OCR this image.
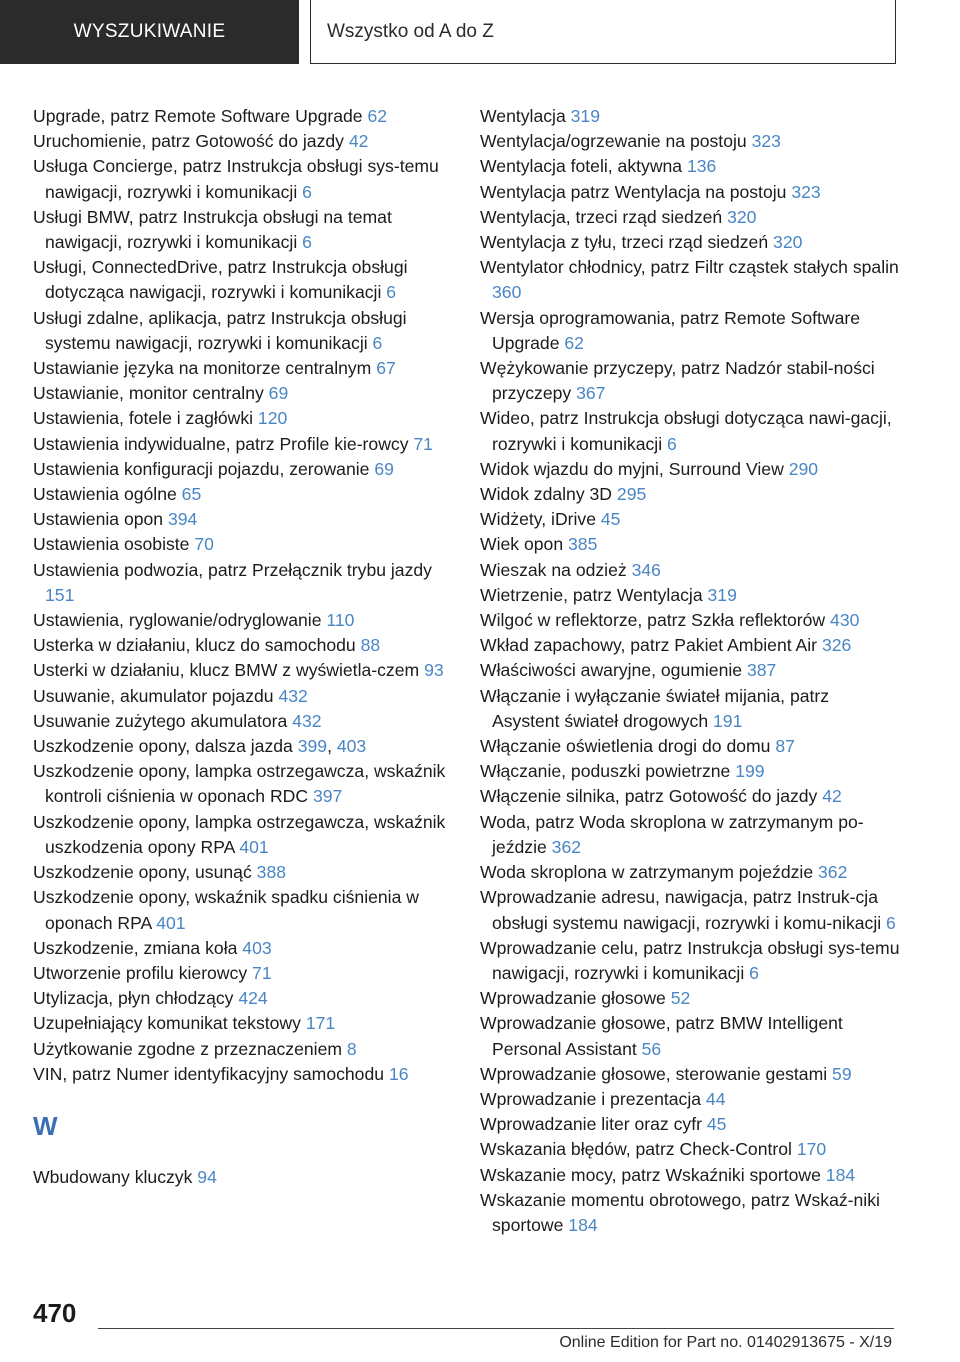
WYSZUKIWANIE	Wszystko od A do Z

Upgrade, patrz Remote Software Upgrade 62

Uruchomienie, patrz Gotowość do jazdy 42

Usługa Concierge, patrz Instrukcja obsługi sys-temu nawigacji, rozrywki i komunikacji 6

Usługi BMW, patrz Instrukcja obsługi na temat nawigacji, rozrywki i komunikacji 6

Usługi, ConnectedDrive, patrz Instrukcja obsługi dotycząca nawigacji, rozrywki i komunikacji 6

Usługi zdalne, aplikacja, patrz Instrukcja obsługi systemu nawigacji, rozrywki i komunikacji 6

Ustawianie języka na monitorze centralnym 67

Ustawianie, monitor centralny 69

Ustawienia, fotele i zagłówki 120

Ustawienia indywidualne, patrz Profile kie-rowcy 71

Ustawienia konfiguracji pojazdu, zerowanie 69

Ustawienia ogólne 65

Ustawienia opon 394

Ustawienia osobiste 70

Ustawienia podwozia, patrz Przełącznik trybu jazdy 151

Ustawienia, ryglowanie/odryglowanie 110

Usterka w działaniu, klucz do samochodu 88

Usterki w działaniu, klucz BMW z wyświetla-czem 93

Usuwanie, akumulator pojazdu 432

Usuwanie zużytego akumulatora 432

Uszkodzenie opony, dalsza jazda 399, 403

Uszkodzenie opony, lampka ostrzegawcza, wskaźnik kontroli ciśnienia w oponach RDC 397

Uszkodzenie opony, lampka ostrzegawcza, wskaźnik uszkodzenia opony RPA 401

Uszkodzenie opony, usunąć 388

Uszkodzenie opony, wskaźnik spadku ciśnienia w oponach RPA 401

Uszkodzenie, zmiana koła 403

Utworzenie profilu kierowcy 71

Utylizacja, płyn chłodzący 424

Uzupełniający komunikat tekstowy 171

Użytkowanie zgodne z przeznaczeniem 8

VIN, patrz Numer identyfikacyjny samochodu 16

W

Wbudowany kluczyk 94

Wentylacja 319

Wentylacja/ogrzewanie na postoju 323

Wentylacja foteli, aktywna 136

Wentylacja patrz Wentylacja na postoju 323

Wentylacja, trzeci rząd siedzeń 320

Wentylacja z tyłu, trzeci rząd siedzeń 320

Wentylator chłodnicy, patrz Filtr cząstek stałych spalin 360

Wersja oprogramowania, patrz Remote Software Upgrade 62

Wężykowanie przyczepy, patrz Nadzór stabil-ności przyczepy 367

Wideo, patrz Instrukcja obsługi dotycząca nawi-gacji, rozrywki i komunikacji 6

Widok wjazdu do myjni, Surround View 290

Widok zdalny 3D 295

Widżety, iDrive 45

Wiek opon 385

Wieszak na odzież 346

Wietrzenie, patrz Wentylacja 319

Wilgoć w reflektorze, patrz Szkła reflektorów 430

Wkład zapachowy, patrz Pakiet Ambient Air 326

Właściwości awaryjne, ogumienie 387

Włączanie i wyłączanie świateł mijania, patrz Asystent świateł drogowych 191

Włączanie oświetlenia drogi do domu 87

Włączanie, poduszki powietrzne 199

Włączenie silnika, patrz Gotowość do jazdy 42

Woda, patrz Woda skroplona w zatrzymanym po-jeździe 362

Woda skroplona w zatrzymanym pojeździe 362

Wprowadzanie adresu, nawigacja, patrz Instruk-cja obsługi systemu nawigacji, rozrywki i komu-nikacji 6

Wprowadzanie celu, patrz Instrukcja obsługi sys-temu nawigacji, rozrywki i komunikacji 6

Wprowadzanie głosowe 52

Wprowadzanie głosowe, patrz BMW Intelligent Personal Assistant 56

Wprowadzanie głosowe, sterowanie gestami 59

Wprowadzanie i prezentacja 44

Wprowadzanie liter oraz cyfr 45

Wskazania błędów, patrz Check-Control 170

Wskazanie mocy, patrz Wskaźniki sportowe 184

Wskazanie momentu obrotowego, patrz Wskaź-niki sportowe 184

470
Online Edition for Part no. 01402913675 - X/19
